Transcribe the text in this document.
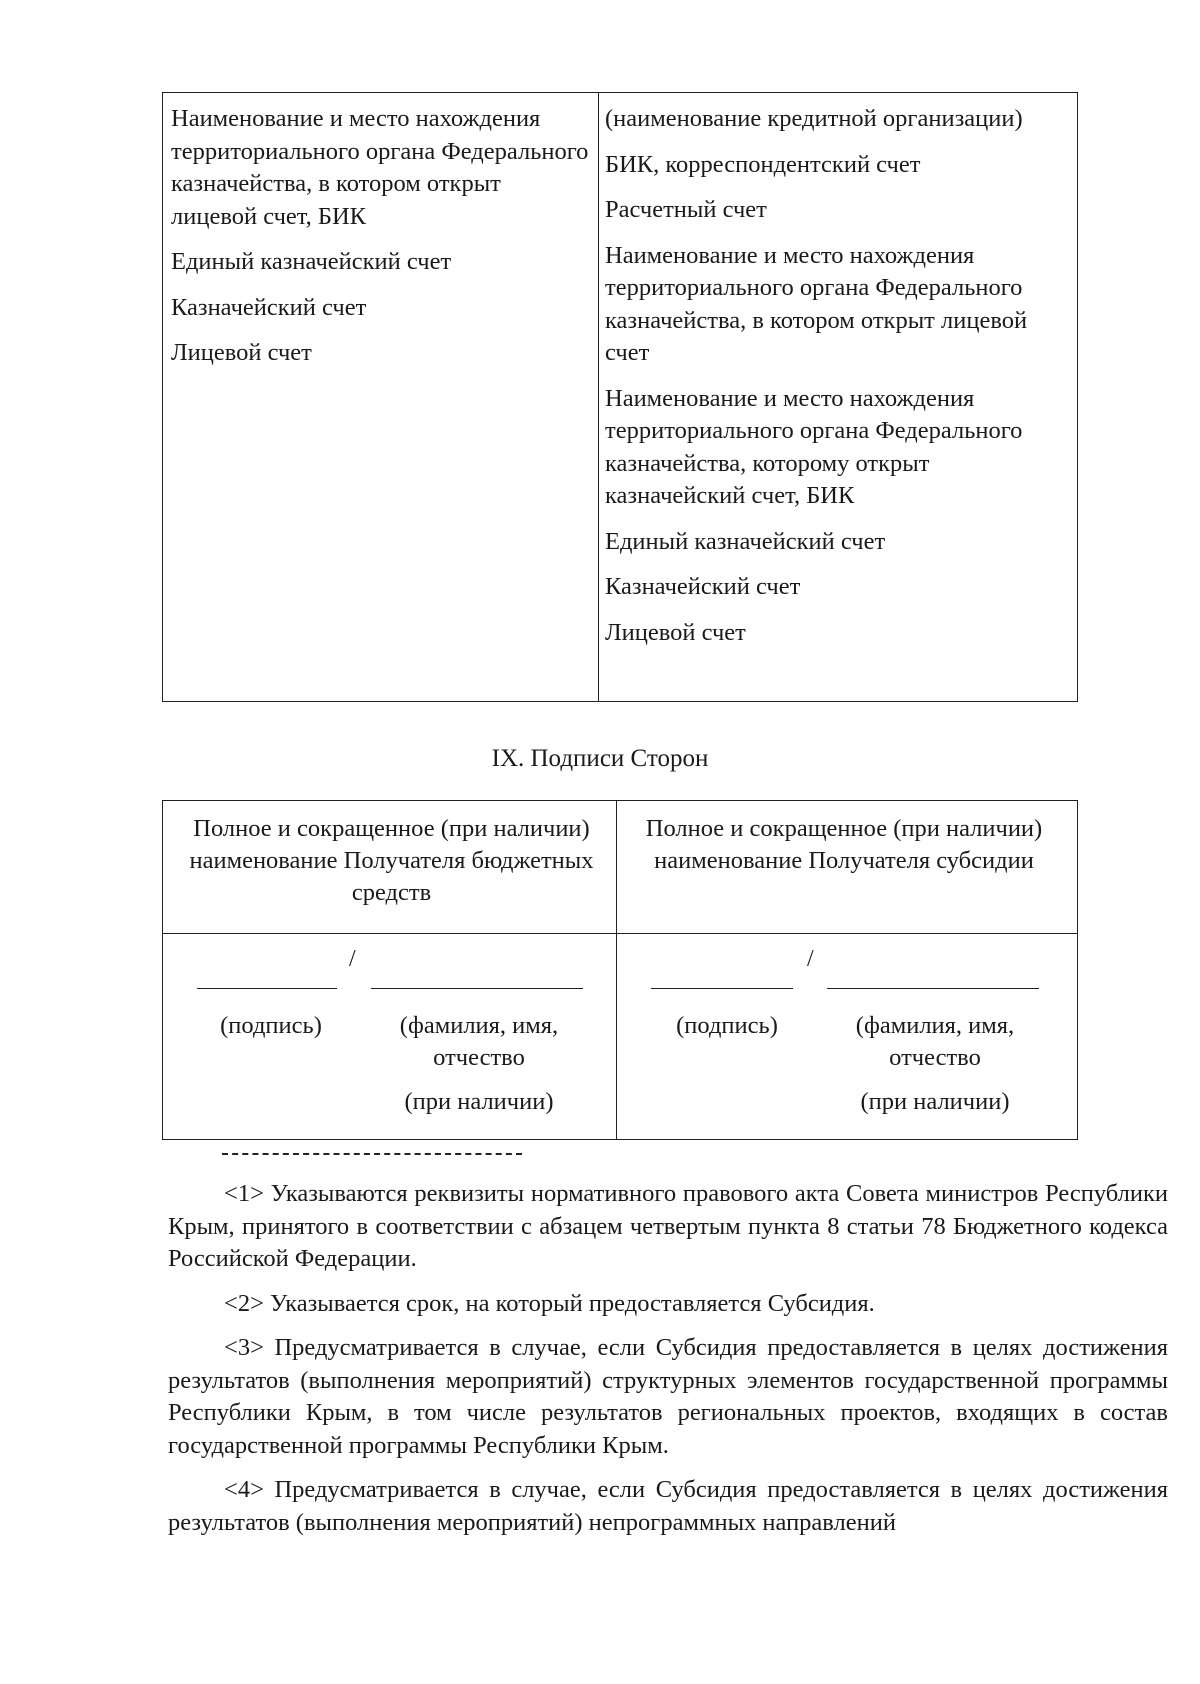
Наименование и место нахождения территориального органа Федерального казначейства, в котором открыт лицевой счет, БИК
Единый казначейский счет
Казначейский счет
Лицевой счет
(наименование кредитной организации)
БИК, корреспондентский счет
Расчетный счет
Наименование и место нахождения территориального органа Федерального казначейства, в котором открыт лицевой счет
Наименование и место нахождения территориального органа Федерального казначейства, которому открыт казначейский счет, БИК
Единый казначейский счет
Казначейский счет
Лицевой счет
IX. Подписи Сторон
Полное и сокращенное (при наличии) наименование Получателя бюджетных средств
Полное и сокращенное (при наличии) наименование Получателя субсидии
/
(подпись)	(фамилия, имя,
отчество
(при наличии)
/
(подпись)	(фамилия, имя,
отчество
(при наличии)

<1> Указываются реквизиты нормативного правового акта Совета министров Республики Крым, принятого в соответствии с абзацем четвертым пункта 8 статьи 78 Бюджетного кодекса Российской Федерации.

<2> Указывается срок, на который предоставляется Субсидия.

<3> Предусматривается в случае, если Субсидия предоставляется в целях достижения результатов (выполнения мероприятий) структурных элементов государственной программы Республики Крым, в том числе результатов региональных проектов, входящих в состав государственной программы Республики Крым.

<4> Предусматривается в случае, если Субсидия предоставляется в целях достижения результатов (выполнения мероприятий) непрограммных направлений
